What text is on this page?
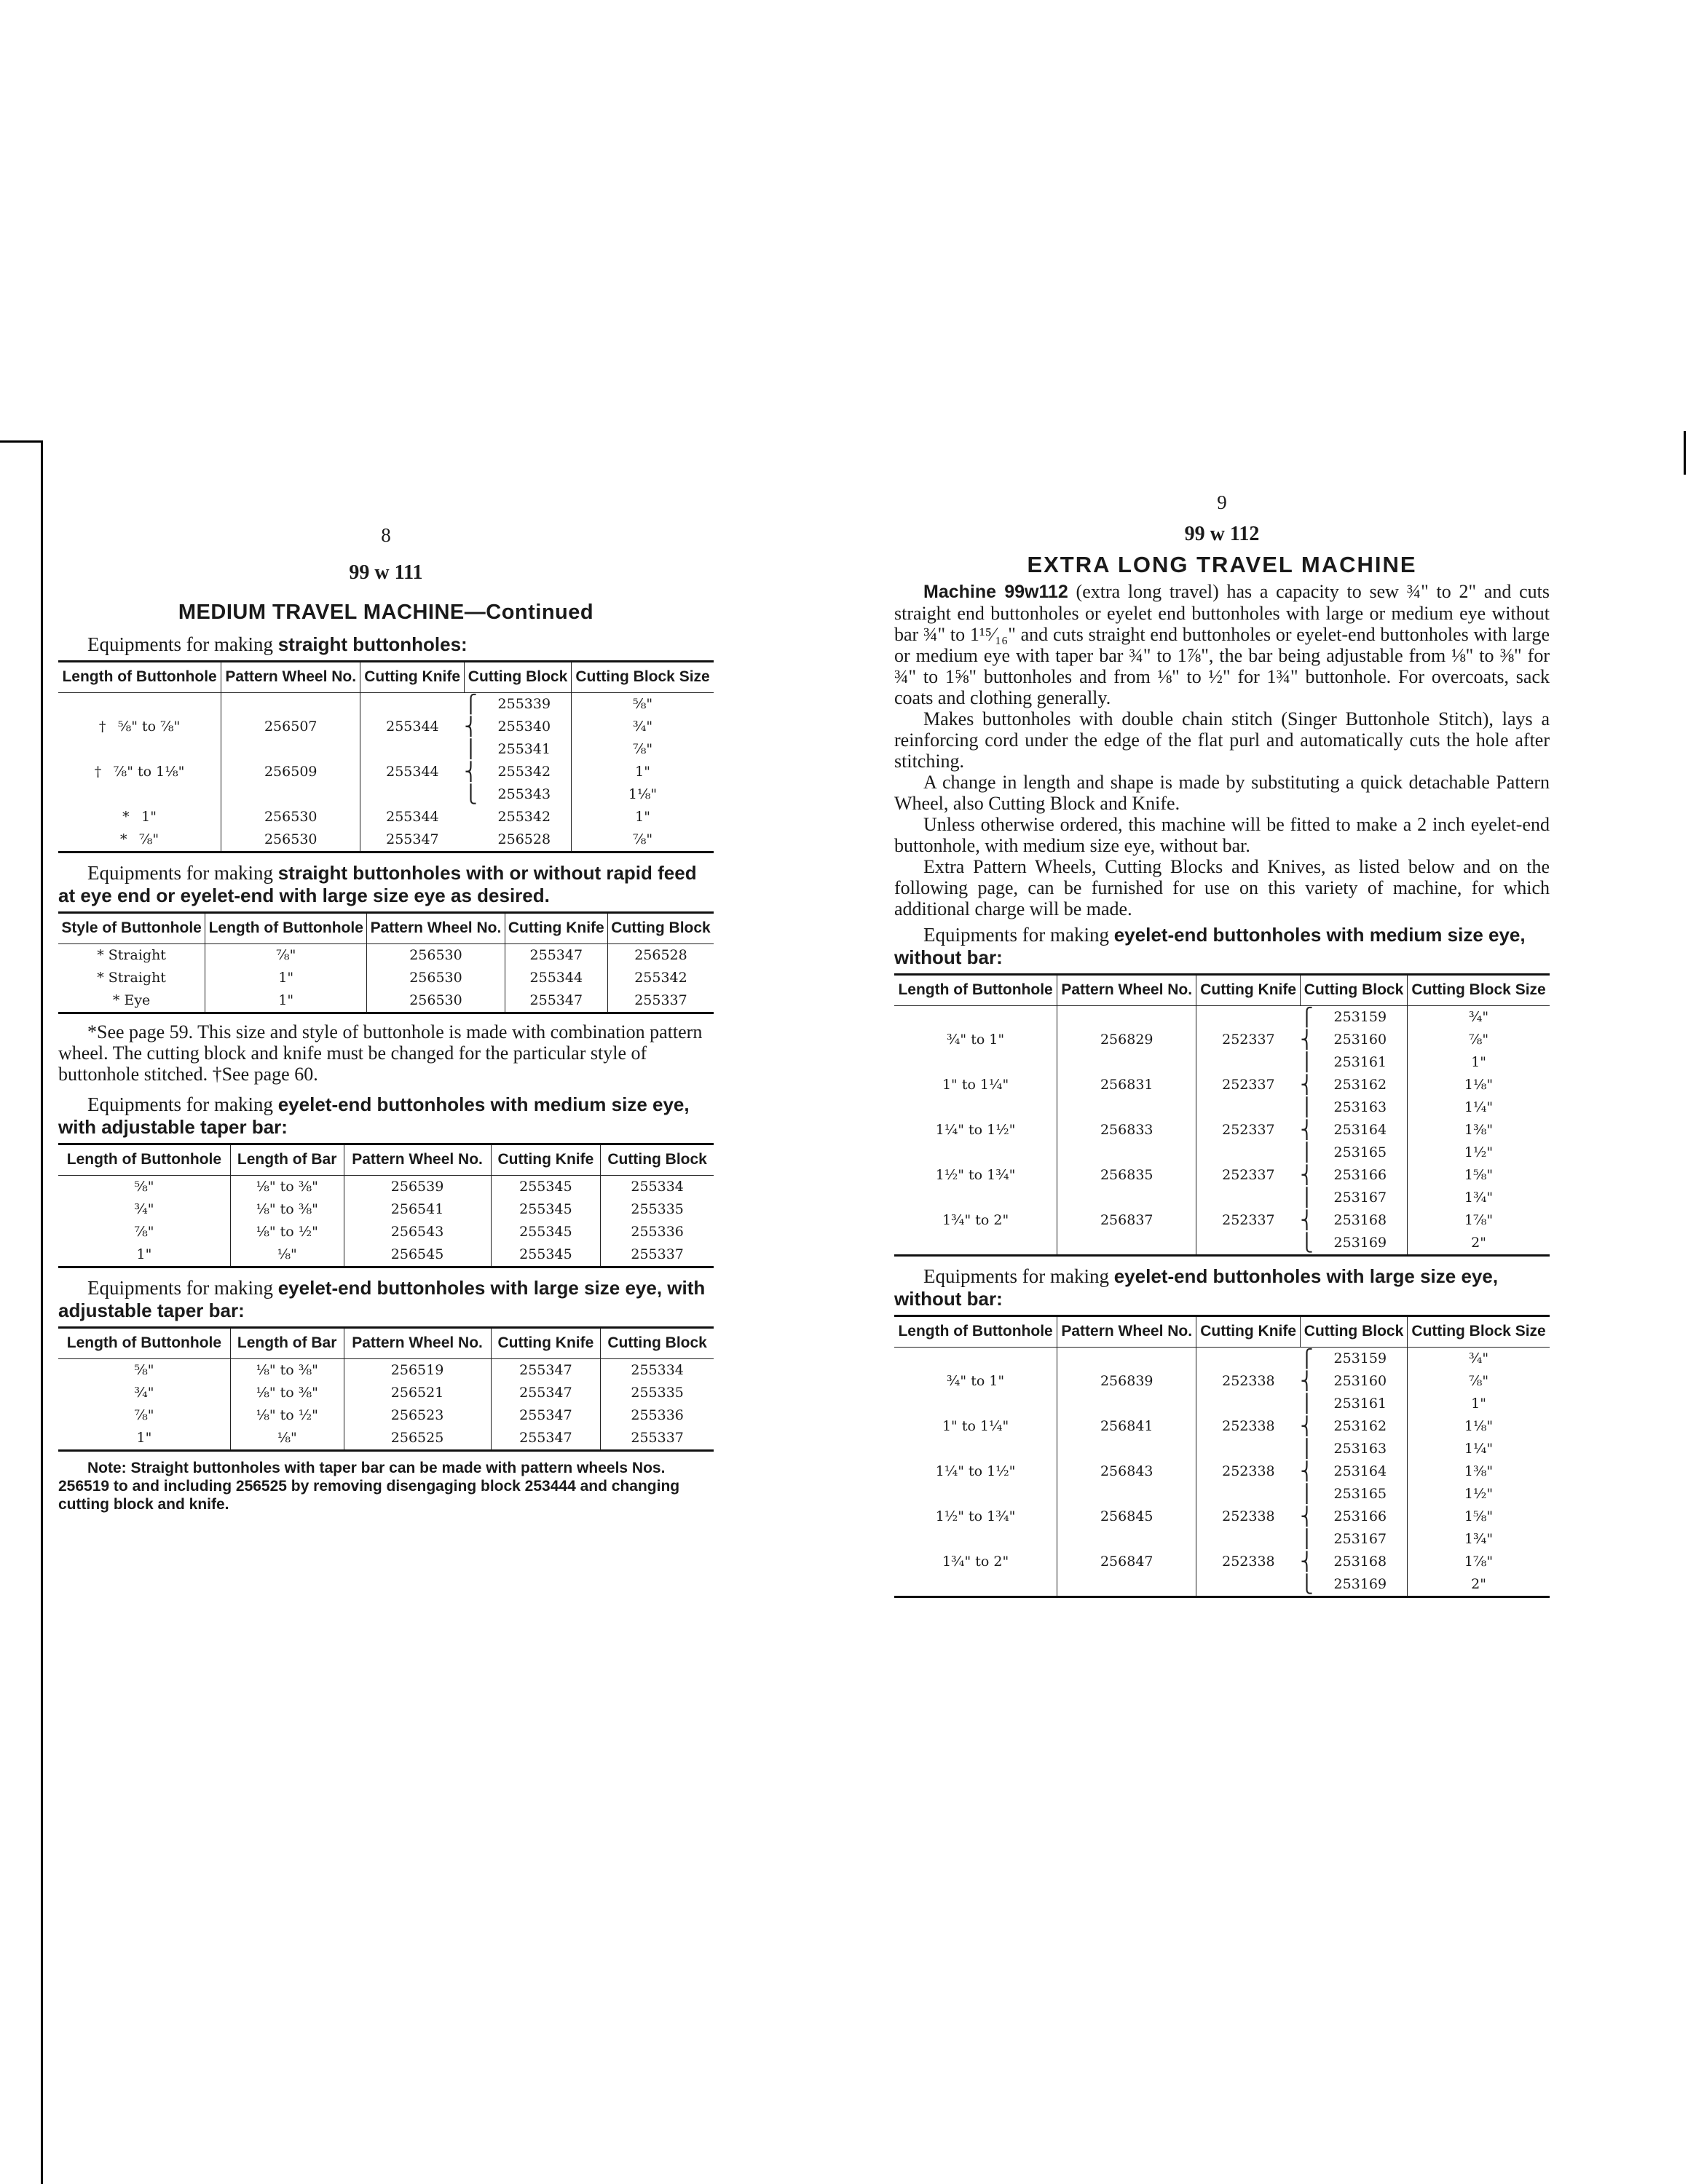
8
99 w 111
MEDIUM TRAVEL MACHINE—Continued
Equipments for making straight buttonholes:
Length of Buttonhole	Pattern Wheel No.	Cutting Knife	Cutting Block		Cutting Block Size
			⎧	255339	⅝"
† ⅝" to ⅞"	256507	255344	⎨	255340	¾"
			⎪	255341	⅞"
† ⅞" to 1⅛"	256509	255344	⎨	255342	1"
			⎩	255343	1⅛"
* 1"	256530	255344		255342	1"
* ⅞"	256530	255347		256528	⅞"
Equipments for making straight buttonholes with or without rapid feed at eye end or eyelet-end with large size eye as desired.
Style of Buttonhole	Length of Buttonhole	Pattern Wheel No.	Cutting Knife	Cutting Block
* Straight	⅞"	256530	255347	256528
* Straight	1"	256530	255344	255342
* Eye	1"	256530	255347	255337

*See page 59. This size and style of buttonhole is made with combination pattern wheel. The cutting block and knife must be changed for the particular style of buttonhole stitched. †See page 60.

Equipments for making eyelet-end buttonholes with medium size eye, with adjustable taper bar:
Length of Buttonhole	Length of Bar	Pattern Wheel No.	Cutting Knife	Cutting Block
⅝"	⅛" to ⅜"	256539	255345	255334
¾"	⅛" to ⅜"	256541	255345	255335
⅞"	⅛" to ½"	256543	255345	255336
1"	⅛"	256545	255345	255337
Equipments for making eyelet-end buttonholes with large size eye, with adjustable taper bar:
Length of Buttonhole	Length of Bar	Pattern Wheel No.	Cutting Knife	Cutting Block
⅝"	⅛" to ⅜"	256519	255347	255334
¾"	⅛" to ⅜"	256521	255347	255335
⅞"	⅛" to ½"	256523	255347	255336
1"	⅛"	256525	255347	255337
Note: Straight buttonholes with taper bar can be made with pattern wheels Nos. 256519 to and including 256525 by removing disengaging block 253444 and changing cutting block and knife.
9
99 w 112
EXTRA LONG TRAVEL MACHINE

Machine 99w112 (extra long travel) has a capacity to sew ¾" to 2" and cuts straight end buttonholes or eyelet end buttonholes with large or medium eye without bar ¾" to 1¹⁵⁄₁₆" and cuts straight end buttonholes or eyelet-end buttonholes with large or medium eye with taper bar ¾" to 1⅞", the bar being adjustable from ⅛" to ⅜" for ¾" to 1⅝" buttonholes and from ⅛" to ½" for 1¾" buttonhole. For overcoats, sack coats and clothing generally.

Makes buttonholes with double chain stitch (Singer Buttonhole Stitch), lays a reinforcing cord under the edge of the flat purl and automatically cuts the hole after stitching.

A change in length and shape is made by substituting a quick detachable Pattern Wheel, also Cutting Block and Knife.

Unless otherwise ordered, this machine will be fitted to make a 2 inch eyelet-end buttonhole, with medium size eye, without bar.

Extra Pattern Wheels, Cutting Blocks and Knives, as listed below and on the following page, can be furnished for use on this variety of machine, for which additional charge will be made.

Equipments for making eyelet-end buttonholes with medium size eye, without bar:
Length of Buttonhole	Pattern Wheel No.	Cutting Knife	Cutting Block		Cutting Block Size
			⎧	253159	¾"
¾" to 1"	256829	252337	⎨	253160	⅞"
			⎪	253161	1"
1" to 1¼"	256831	252337	⎨	253162	1⅛"
			⎪	253163	1¼"
1¼" to 1½"	256833	252337	⎨	253164	1⅜"
			⎪	253165	1½"
1½" to 1¾"	256835	252337	⎨	253166	1⅝"
			⎪	253167	1¾"
1¾" to 2"	256837	252337	⎨	253168	1⅞"
			⎩	253169	2"
Equipments for making eyelet-end buttonholes with large size eye, without bar:
Length of Buttonhole	Pattern Wheel No.	Cutting Knife	Cutting Block		Cutting Block Size
			⎧	253159	¾"
¾" to 1"	256839	252338	⎨	253160	⅞"
			⎪	253161	1"
1" to 1¼"	256841	252338	⎨	253162	1⅛"
			⎪	253163	1¼"
1¼" to 1½"	256843	252338	⎨	253164	1⅜"
			⎪	253165	1½"
1½" to 1¾"	256845	252338	⎨	253166	1⅝"
			⎪	253167	1¾"
1¾" to 2"	256847	252338	⎨	253168	1⅞"
			⎩	253169	2"
